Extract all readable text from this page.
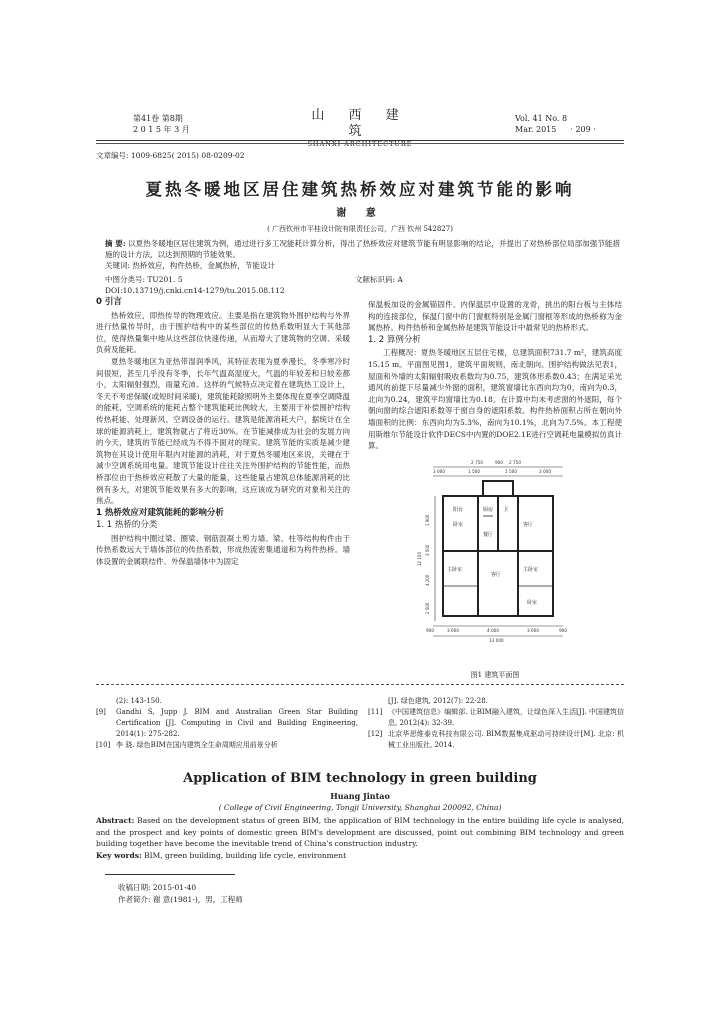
第41卷 第8期
2 0 1 5 年 3 月
山 西 建 筑
SHANXI ARCHITECTURE
Vol. 41 No. 8
Mar. 2015 · 209 ·
文章编号: 1009-6825( 2015) 08-0209-02
夏热冬暖地区居住建筑热桥效应对建筑节能的影响
谢 意
( 广西钦州市平桂设计院有限责任公司，广西 钦州 542827)
摘 要: 以夏热冬暖地区居住建筑为例，通过进行多工况能耗计算分析，得出了热桥效应对建筑节能有明显影响的结论，并提出了对热桥部位局部加强节能措施的设计方法，以达到预期的节能效果。
关键词: 热桥效应，构件热桥，金属热桥，节能设计
中图分类号: TU201. 5	文献标识码: A
DOI:10.13719/j.cnki.cn14-1279/tu.2015.08.112
0 引言

热桥效应，即热传导的物理效应。主要是指在建筑物外围护结构与外界进行热量传导时，由于围护结构中的某些部位的传热系数明显大于其他部位，使得热量集中地从这些部位快速传递，从而增大了建筑物的空调、采暖负荷及能耗。

夏热冬暖地区为亚热带湿润季风，其特征表现为夏季漫长，冬季寒冷时间很短，甚至几乎没有冬季，长年气温高湿度大，气温的年较差和日较差都小，太阳辐射强烈，雨量充沛。这样的气候特点决定着在建筑热工设计上，冬天不考虑保暖(或短时间采暖)，建筑能耗除照明外主要体现在夏季空调降温的能耗，空调系统的能耗占整个建筑能耗比例较大，主要用于补偿围护结构传热耗能、处理新风、空调设备的运行。建筑是能源消耗大户，据统计在全球的能源消耗上，建筑物就占了将近30%。在节能减排成为社会的发展方向的今天，建筑的节能已经成为不得不面对的现实。建筑节能的实质是减少建筑物在其设计使用年限内对能源的消耗，对于夏热冬暖地区来说，关键在于减少空调系统用电量。建筑节能设计往往关注外围护结构的节能性能，而热桥部位由于热桥效应耗散了大量的能量，这些能量占建筑总体能源消耗的比例有多大，对建筑节能效果有多大的影响，这应该成为研究的对象和关注的焦点。

1 热桥效应对建筑能耗的影响分析
1. 1 热桥的分类

围护结构中圈过梁、圈梁、钢筋混凝土剪力墙、梁、柱等结构构件由于传热系数远大于墙体部位的传热系数，形成热流密集通道和为构件热桥。墙体设置的金属联结件、外保温墙体中为固定

保温板加设的金属锚固件、内保温层中设置的龙骨，挑出的阳台板与主体结构的连接部位，保温门窗中的门窗框特别是金属门窗框等形成的热桥称为金属热桥。构件热桥和金属热桥是建筑节能设计中最常见的热桥形式。

1. 2 算例分析

工程概况：夏热冬暖地区五层住宅楼，总建筑面积731.7 m²，建筑高度15.15 m。平面图见图1，建筑平面规则，南北朝向。围护结构做法见表1，屋面和外墙的太阳辐射吸收系数均为0.75，建筑体形系数0.43；在满足采光通风的前提下尽量减少外窗的面积，建筑窗墙比东西向均为0，南向为0.3，北向为0.24，建筑平均窗墙比为0.18。在计算中均未考虑窗的外遮阳，每个朝向窗的综合遮阳系数等于窗自身的遮阳系数。构件热桥面积占所在朝向外墙面积的比例：东西向均为5.3%，南向为10.1%，北向为7.5%。本工程使用斯维尔节能设计软件DECS中内置的DOE2.1E进行空调耗电量模拟仿真计算。

2 750	900 2 750
3 000	1 500	1 500	3 000
900	3 600	4 000	3 600	900
13 000
12 100
1 900
3 500
4 200
2 500
阳台
卧室
厨房 卫
餐厅
客厅
主卧室
客厅
主卧室
卧室
图1 建筑平面图
(2): 143-150.
[9]	Gandhi S, Jupp J. BIM and Australian Green Star Building Certification [J]. Computing in Civil and Building Engineering, 2014(1): 275-282.
[10] 李 骁. 绿色BIM在国内建筑全生命周期应用前景分析
[J]. 绿色建筑, 2012(7): 22-28.
[11] 《中国建筑信息》编辑部. 让BIM融入建筑，让绿色深入生活[J]. 中国建筑信息, 2012(4): 32-39.
[12] 北京华思维泰克科技有限公司. BIM数据集成驱动可持续设计[M]. 北京: 机械工业出版社, 2014.
Application of BIM technology in green building
Huang Jintao
( College of Civil Engineering, Tongji University, Shanghai 200092, China)
Abstract: Based on the development status of green BIM, the application of BIM technology in the entire building life cycle is analysed, and the prospect and key points of domestic green BIM's development are discussed, point out combining BIM technology and green building together have become the inevitable trend of China's construction industry.
Key words: BIM, green building, building life cycle, environment
收稿日期: 2015-01-40
作者简介: 谢 意(1981-)，男，工程师
